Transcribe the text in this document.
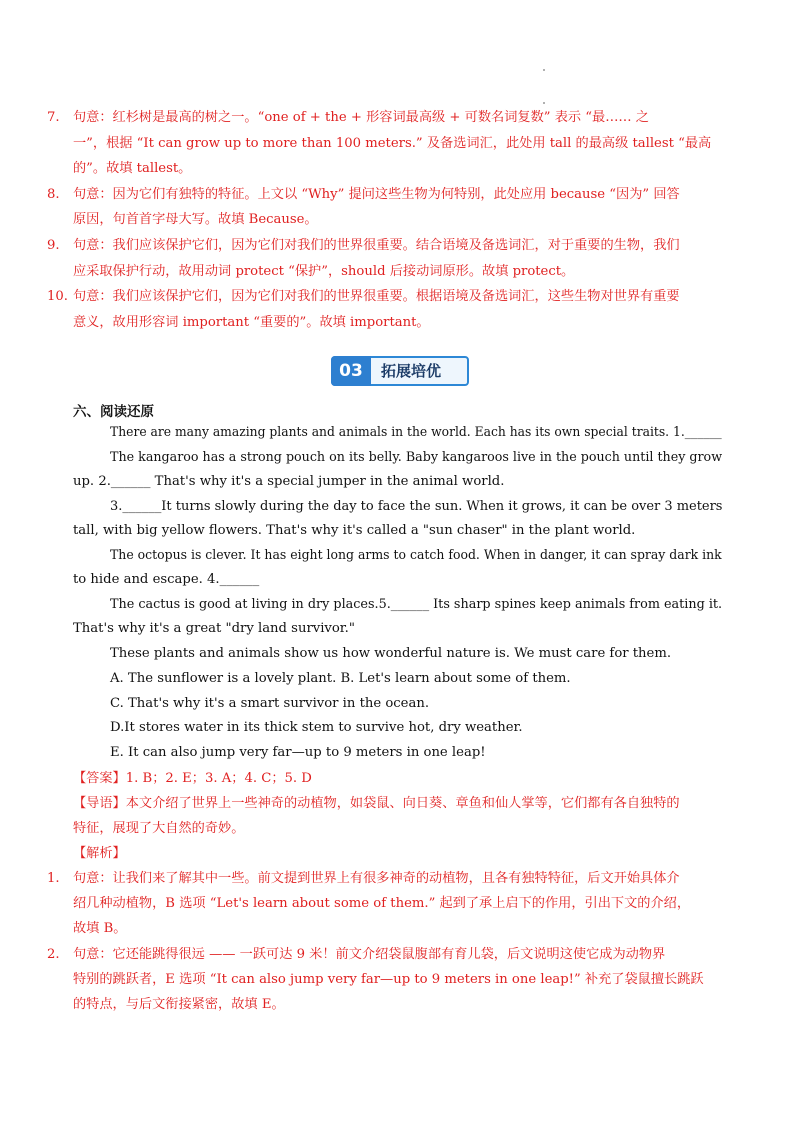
7. 句意：红杉树是最高的树之一。“one of + the + 形容词最高级 + 可数名词复数” 表示 “最…… 之
一”，根据 “It can grow up to more than 100 meters.” 及备选词汇，此处用 tall 的最高级 tallest “最高
的”。故填 tallest。
8. 句意：因为它们有独特的特征。上文以 “Why” 提问这些生物为何特别，此处应用 because “因为” 回答
原因，句首首字母大写。故填 Because。
9. 句意：我们应该保护它们，因为它们对我们的世界很重要。结合语境及备选词汇，对于重要的生物，我们
应采取保护行动，故用动词 protect “保护”，should 后接动词原形。故填 protect。
10. 句意：我们应该保护它们，因为它们对我们的世界很重要。根据语境及备选词汇，这些生物对世界有重要
意义，故用形容词 important “重要的”。故填 important。
03	拓展培优
六、阅读还原
There are many amazing plants and animals in the world. Each has its own special traits. 1.______
The kangaroo has a strong pouch on its belly. Baby kangaroos live in the pouch until they grow
up. 2.______ That's why it's a special jumper in the animal world.
3.______It turns slowly during the day to face the sun. When it grows, it can be over 3 meters
tall, with big yellow flowers. That's why it's called a "sun chaser" in the plant world.
The octopus is clever. It has eight long arms to catch food. When in danger, it can spray dark ink
to hide and escape. 4.______
The cactus is good at living in dry places.5.______ Its sharp spines keep animals from eating it.
That's why it's a great "dry land survivor."
These plants and animals show us how wonderful nature is. We must care for them.
A. The sunflower is a lovely plant. B. Let's learn about some of them.
C. That's why it's a smart survivor in the ocean.
D.It stores water in its thick stem to survive hot, dry weather.
E. It can also jump very far—up to 9 meters in one leap!
【答案】1. B；2. E；3. A；4. C；5. D
【导语】本文介绍了世界上一些神奇的动植物，如袋鼠、向日葵、章鱼和仙人掌等，它们都有各自独特的
特征，展现了大自然的奇妙。
【解析】
1. 句意：让我们来了解其中一些。前文提到世界上有很多神奇的动植物，且各有独特特征，后文开始具体介
绍几种动植物，B 选项 “Let's learn about some of them.” 起到了承上启下的作用，引出下文的介绍，
故填 B。
2. 句意：它还能跳得很远 —— 一跃可达 9 米！前文介绍袋鼠腹部有育儿袋，后文说明这使它成为动物界
特别的跳跃者，E 选项 “It can also jump very far—up to 9 meters in one leap!” 补充了袋鼠擅长跳跃
的特点，与后文衔接紧密，故填 E。
